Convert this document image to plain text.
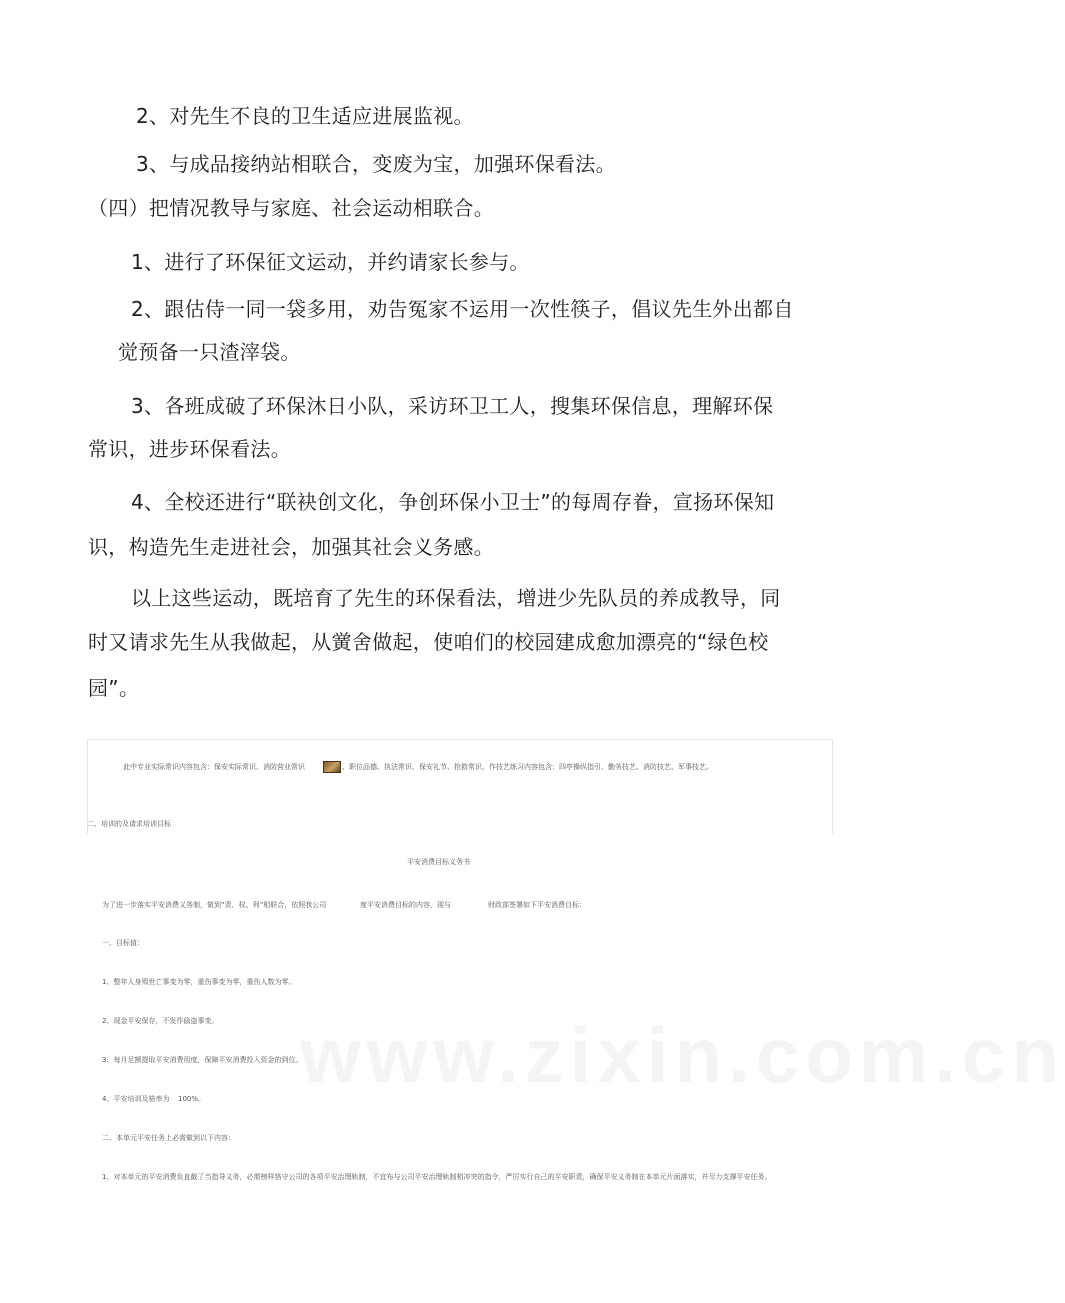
2、对先生不良的卫生适应进展监视。
3、与成品接纳站相联合，变废为宝，加强环保看法。
（四）把情况教导与家庭、社会运动相联合。
1、进行了环保征文运动，并约请家长参与。
2、跟估侍一同一袋多用，劝告冤家不运用一次性筷子，倡议先生外出都自
觉预备一只渣滓袋。
3、各班成破了环保沐日小队，采访环卫工人，搜集环保信息，理解环保
常识，进步环保看法。
4、全校还进行“联袂创文化，争创环保小卫士”的每周存眷，宣扬环保知
识，构造先生走进社会，加强其社会义务感。
以上这些运动，既培育了先生的环保看法，增进少先队员的养成教导，同
时又请求先生从我做起，从黉舍做起，使咱们的校园建成愈加漂亮的“绿色校
园”。
此中专业实际常识内容包含：保安实际常识、消防营业常识	、职位品德、执法常识、保安礼节、抢救常识、作技艺练习内容包含：四亭操纵指引、勤务技艺、消防技艺、军事技艺。
二、培训的及请求培训目标
www.zixin.com.cn
平安消费目标义务书
为了进一步落实平安消费义务制，做到“责、权、利”相联合，依照我公司	度平安消费目标的内容，现与	财政部签署如下平安消费目标：
一、目标值：
1、整年人身殒世亡事变为零，重伤事变为零，重伤人数为零。
2、现金平安保存，不发作偷盗事变。
3、每月足额提取平安消费用度，保障平安消费投入资金的到位。
4、平安培训及格率为 100%。
二、本单元平安任务上必需做到以下内容：
1、对本单元的平安消费负直截了当指导义务，必需榜样恪守公司的各项平安治理轨制，不宜布与公司平安治理轨制相冲突的指令，严厉实行自己的平安职责，确保平安义务制在本单元片面落实，并尽力支撑平安任务。
